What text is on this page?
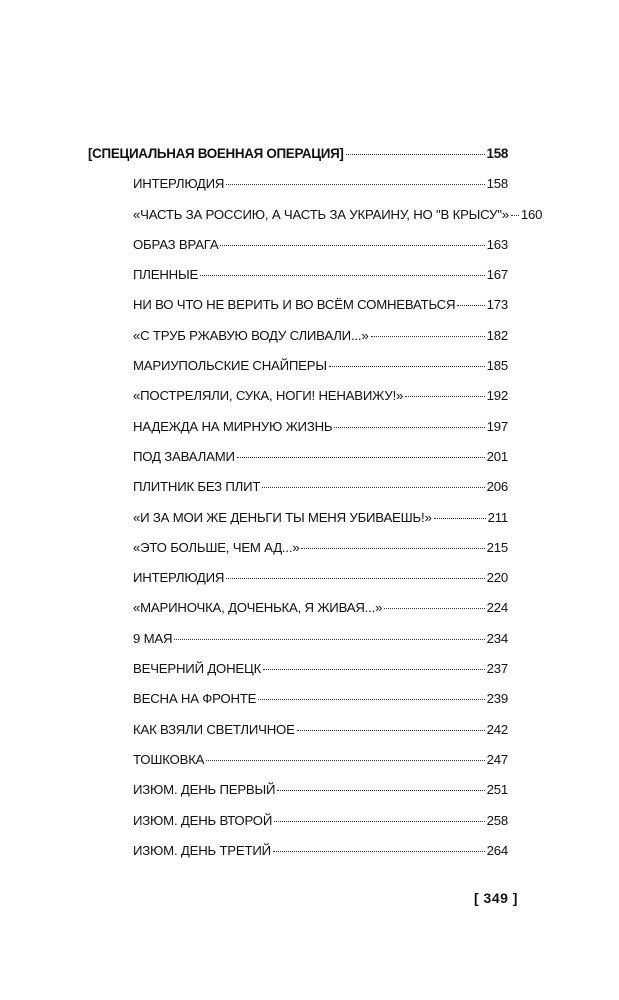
[СПЕЦИАЛЬНАЯ ВОЕННАЯ ОПЕРАЦИЯ]	158
ИНТЕРЛЮДИЯ	158
«ЧАСТЬ ЗА РОССИЮ, А ЧАСТЬ ЗА УКРАИНУ, НО "В КРЫСУ"» 160
ОБРАЗ ВРАГА	163
ПЛЕННЫЕ	167
НИ ВО ЧТО НЕ ВЕРИТЬ И ВО ВСЁМ СОМНЕВАТЬСЯ 173
«С ТРУБ РЖАВУЮ ВОДУ СЛИВАЛИ...»	182
МАРИУПОЛЬСКИЕ СНАЙПЕРЫ	185
«ПОСТРЕЛЯЛИ, СУКА, НОГИ! НЕНАВИЖУ!»	192
НАДЕЖДА НА МИРНУЮ ЖИЗНЬ	197
ПОД ЗАВАЛАМИ	201
ПЛИТНИК БЕЗ ПЛИТ	206
«И ЗА МОИ ЖЕ ДЕНЬГИ ТЫ МЕНЯ УБИВАЕШЬ!»	211
«ЭТО БОЛЬШЕ, ЧЕМ АД...»	215
ИНТЕРЛЮДИЯ	220
«МАРИНОЧКА, ДОЧЕНЬКА, Я ЖИВАЯ...»	224
9 МАЯ	234
ВЕЧЕРНИЙ ДОНЕЦК	237
ВЕСНА НА ФРОНТЕ	239
КАК ВЗЯЛИ СВЕТЛИЧНОЕ	242
ТОШКОВКА	247
ИЗЮМ. ДЕНЬ ПЕРВЫЙ	251
ИЗЮМ. ДЕНЬ ВТОРОЙ	258
ИЗЮМ. ДЕНЬ ТРЕТИЙ	264
[ 349 ]
